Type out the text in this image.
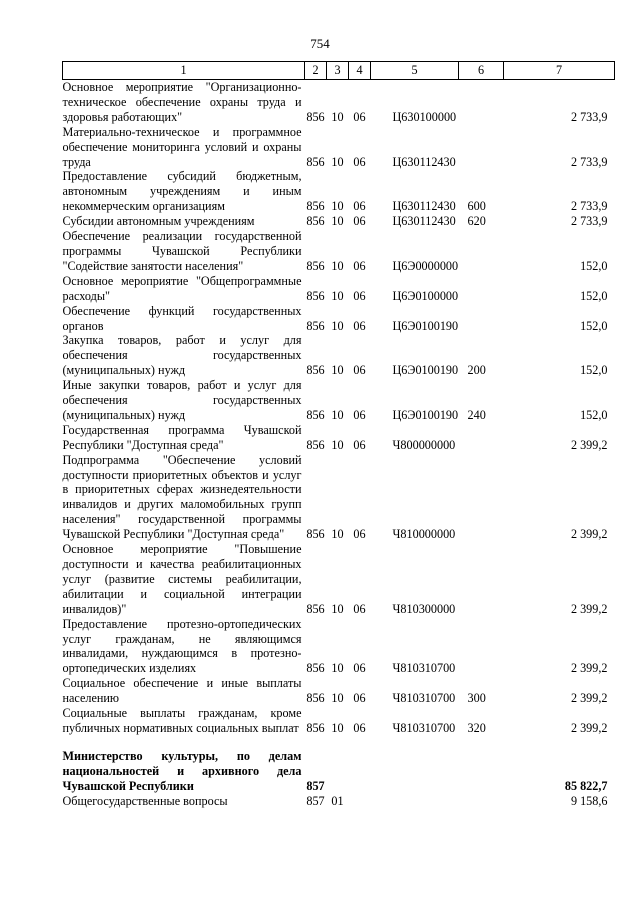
754
1	2	3	4	5	6	7
Основное мероприятие "Организационно-техническое обеспечение охраны труда и здоровья работающих"	856	10	06	Ц630100000		2 733,9
Материально-техническое и программное обеспечение мониторинга условий и охраны труда	856	10	06	Ц630112430		2 733,9
Предоставление субсидий бюджетным, автономным учреждениям и иным некоммерческим организациям	856	10	06	Ц630112430	600	2 733,9
Субсидии автономным учреждениям	856	10	06	Ц630112430	620	2 733,9
Обеспечение реализации государственной программы Чувашской Республики "Содействие занятости населения"	856	10	06	Ц6Э0000000		152,0
Основное мероприятие "Общепрограммные расходы"	856	10	06	Ц6Э0100000		152,0
Обеспечение функций государственных органов	856	10	06	Ц6Э0100190		152,0
Закупка товаров, работ и услуг для обеспечения государственных (муниципальных) нужд	856	10	06	Ц6Э0100190	200	152,0
Иные закупки товаров, работ и услуг для обеспечения государственных (муниципальных) нужд	856	10	06	Ц6Э0100190	240	152,0
Государственная программа Чувашской Республики "Доступная среда"	856	10	06	Ч800000000		2 399,2
Подпрограмма "Обеспечение условий доступности приоритетных объектов и услуг в приоритетных сферах жизнедеятельности инвалидов и других маломобильных групп населения" государственной программы Чувашской Республики "Доступная среда"	856	10	06	Ч810000000		2 399,2
Основное мероприятие "Повышение доступности и качества реабилитационных услуг (развитие системы реабилитации, абилитации и социальной интеграции инвалидов)"	856	10	06	Ч810300000		2 399,2
Предоставление протезно-ортопедических услуг гражданам, не являющимся инвалидами, нуждающимся в протезно-ортопедических изделиях	856	10	06	Ч810310700		2 399,2
Социальное обеспечение и иные выплаты населению	856	10	06	Ч810310700	300	2 399,2
Социальные выплаты гражданам, кроме публичных нормативных социальных выплат	856	10	06	Ч810310700	320	2 399,2
Министерство культуры, по делам национальностей и архивного дела Чувашской Республики	857					85 822,7
Общегосударственные вопросы	857	01				9 158,6
